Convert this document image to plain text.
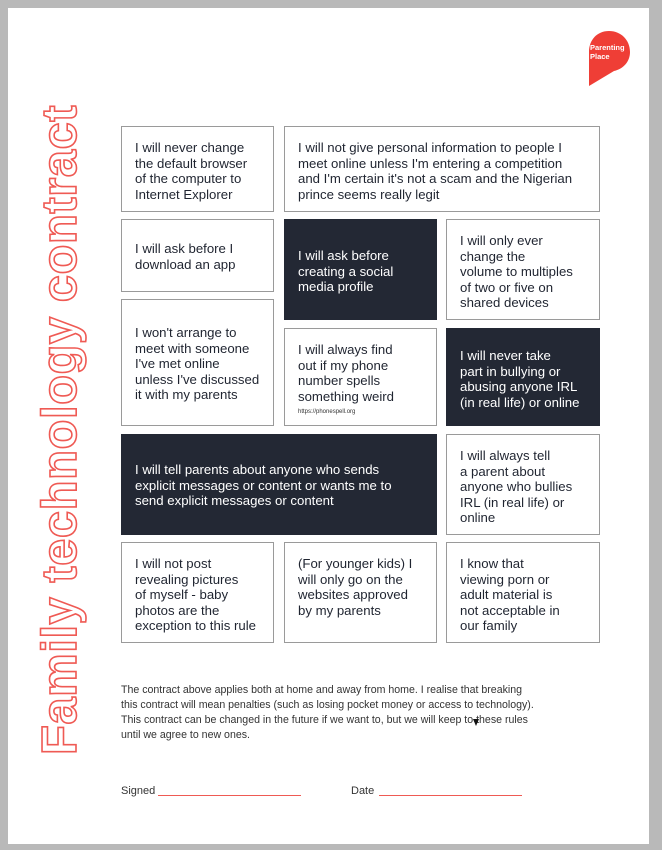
Family technology contract
Parenting
Place
I will never change
the default browser
of the computer to
Internet Explorer
I will not give personal information to people I
meet online unless I'm entering a competition
and I'm certain it's not a scam and the Nigerian
prince seems really legit
I will ask before I
download an app
I will ask before
creating a social
media profile
I will only ever
change the
volume to multiples
of two or five on
shared devices
I won't arrange to
meet with someone
I've met online
unless I've discussed
it with my parents
I will always find
out if my phone
number spells
something weird
https://phonespell.org
I will never take
part in bullying or
abusing anyone IRL
(in real life) or online
I will tell parents about anyone who sends
explicit messages or content or wants me to
send explicit messages or content
I will always tell
a parent about
anyone who bullies
IRL (in real life) or
online
I will not post
revealing pictures
of myself - baby
photos are the
exception to this rule
(For younger kids) I
will only go on the
websites approved
by my parents
I know that
viewing porn or
adult material is
not acceptable in
our family
The contract above applies both at home and away from home. I realise that breaking
this contract will mean penalties (such as losing pocket money or access to technology).
This contract can be changed in the future if we want to, but we will keep to these rules
until we agree to new ones.
Signed	Date
